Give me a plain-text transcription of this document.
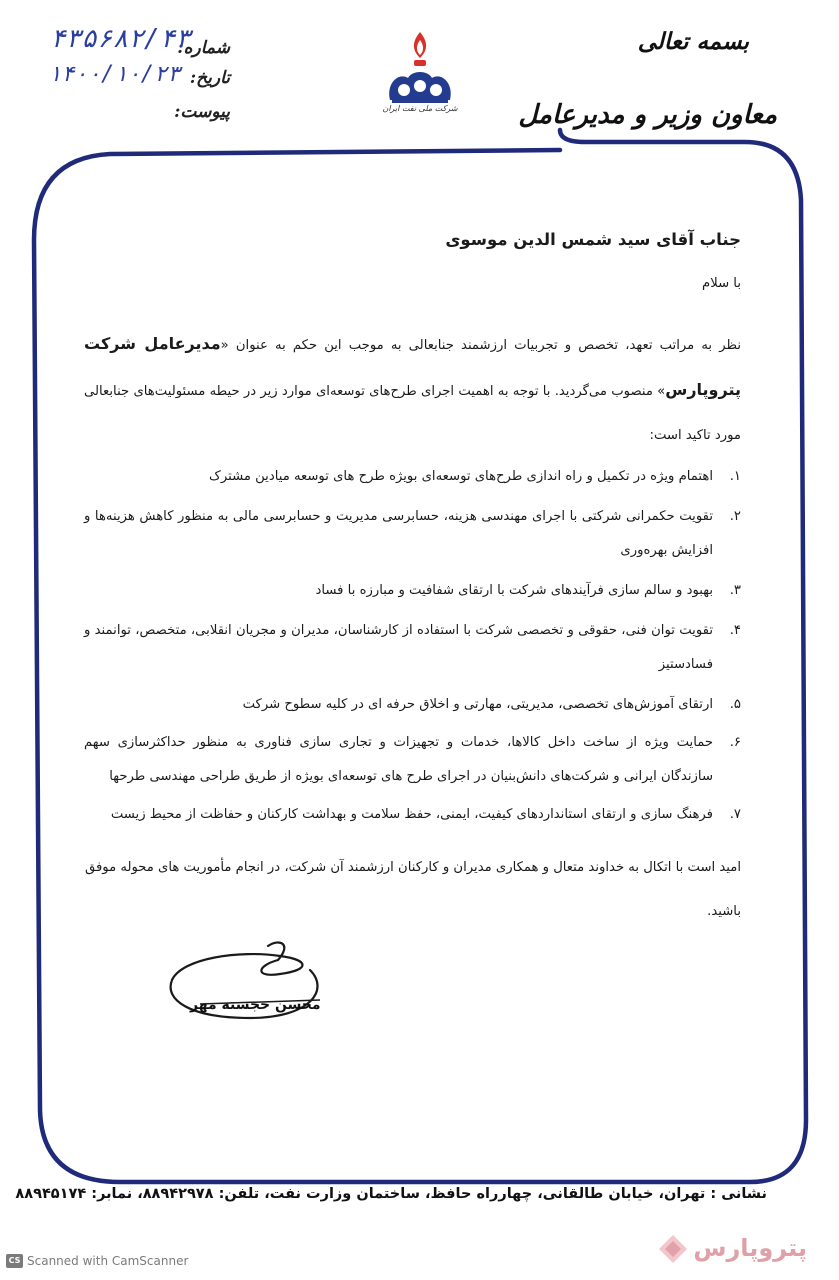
بسمه تعالی
معاون وزیر و مدیرعامل
شماره:
تاریخ:
پیوست:
۴۳۵۶۸۲/۴۳
۱۴۰۰/۱۰/۲۳
شرکت ملی نفت ایران
جناب آقای سید شمس الدین موسوی
با سلام
نظر به مراتب تعهد، تخصص و تجربیات ارزشمند جنابعالی به موجب این حکم به عنوان «مدیرعامل شرکت پتروپارس» منصوب می‌گردید. با توجه به اهمیت اجرای طرح‌های توسعه‌ای موارد زیر در حیطه مسئولیت‌های جنابعالی مورد تاکید است:
۱.
اهتمام ویژه در تکمیل و راه اندازی طرح‌های توسعه‌ای بویژه طرح های توسعه میادین مشترک
۲.
تقویت حکمرانی شرکتی با اجرای مهندسی هزینه، حسابرسی مدیریت و حسابرسی مالی به منظور کاهش هزینه‌ها و افزایش بهره‌وری
۳.
بهبود و سالم سازی فرآیندهای شرکت با ارتقای شفافیت و مبارزه با فساد
۴.
تقویت توان فنی، حقوقی و تخصصی شرکت با استفاده از کارشناسان، مدیران و مجریان انقلابی، متخصص، توانمند و فسادستیز
۵.
ارتقای آموزش‌های تخصصی، مدیریتی، مهارتی و اخلاق حرفه ای در کلیه سطوح شرکت
۶.
حمایت ویژه از ساخت داخل کالاها، خدمات و تجهیزات و تجاری سازی فناوری به منظور حداکثرسازی سهم سازندگان ایرانی و شرکت‌های دانش‌بنیان در اجرای طرح های توسعه‌ای بویژه از طریق طراحی مهندسی طرحها
۷.
فرهنگ سازی و ارتقای استانداردهای کیفیت، ایمنی، حفظ سلامت و بهداشت کارکنان و حفاظت از محیط زیست
امید است با اتکال به خداوند متعال و همکاری مدیران و کارکنان ارزشمند آن شرکت، در انجام مأموریت های محوله موفق باشید.
محسن خجسته مهر
نشانی : تهران، خیابان طالقانی، چهارراه حافظ، ساختمان وزارت نفت، تلفن: ۸۸۹۴۲۹۷۸، نمابر: ۸۸۹۴۵۱۷۴
CS Scanned with CamScanner	پتروپارس
